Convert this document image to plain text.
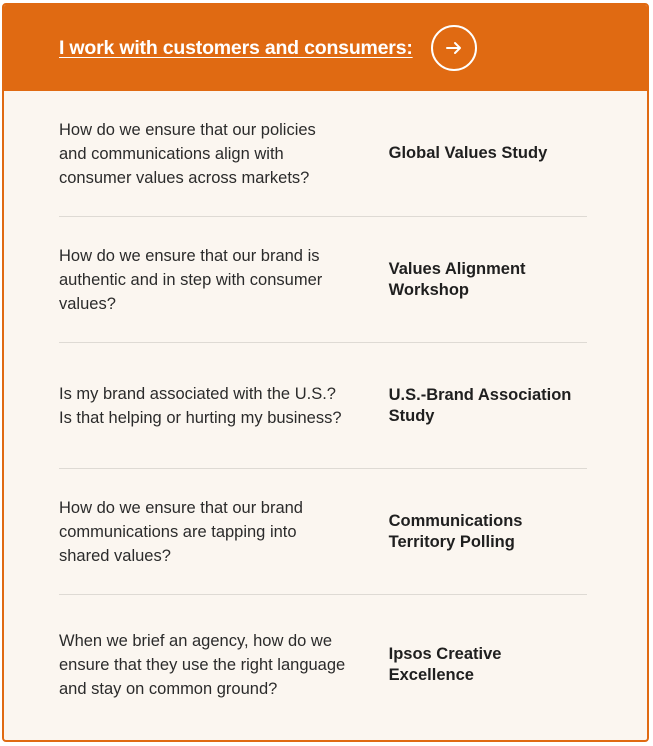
I work with customers and consumers:
How do we ensure that our policies and communications align with consumer values across markets?
Global Values Study
How do we ensure that our brand is authentic and in step with consumer values?
Values Alignment Workshop
Is my brand associated with the U.S.? Is that helping or hurting my business?
U.S.-Brand Association Study
How do we ensure that our brand communications are tapping into shared values?
Communications Territory Polling
When we brief an agency, how do we ensure that they use the right language and stay on common ground?
Ipsos Creative Excellence
